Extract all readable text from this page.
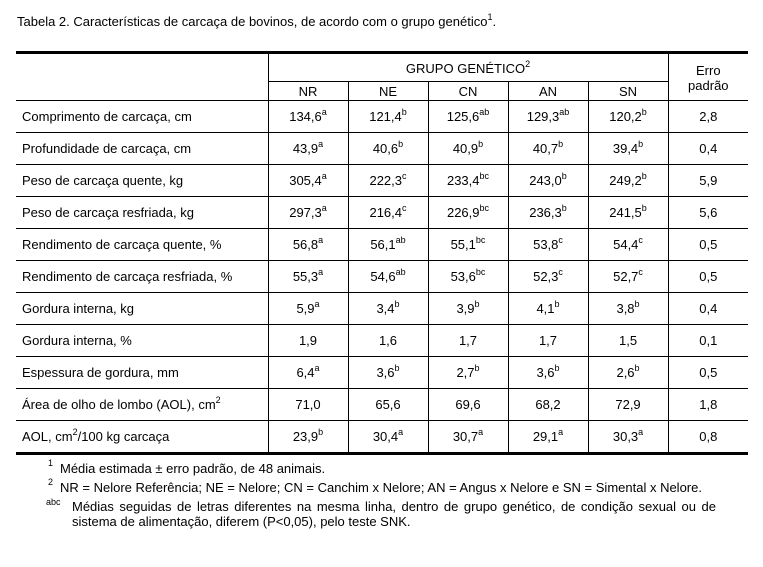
Tabela 2. Características de carcaça de bovinos, de acordo com o grupo genético$^1$.
	GRUPO GENÉTICO$^2$					Erro
padrão
	NR	NE	CN	AN	SN	
Comprimento de carcaça, cm	134,6$^a$	121,4$^b$	125,6$^{ab}$	129,3$^{ab}$	120,2$^b$	2,8
Profundidade de carcaça, cm	43,9$^a$	40,6$^b$	40,9$^b$	40,7$^b$	39,4$^b$	0,4
Peso de carcaça quente, kg	305,4$^a$	222,3$^c$	233,4$^{bc}$	243,0$^b$	249,2$^b$	5,9
Peso de carcaça resfriada, kg	297,3$^a$	216,4$^c$	226,9$^{bc}$	236,3$^b$	241,5$^b$	5,6
Rendimento de carcaça quente, %	56,8$^a$	56,1$^{ab}$	55,1$^{bc}$	53,8$^c$	54,4$^c$	0,5
Rendimento de carcaça resfriada, %	55,3$^a$	54,6$^{ab}$	53,6$^{bc}$	52,3$^c$	52,7$^c$	0,5
Gordura interna, kg	5,9$^a$	3,4$^b$	3,9$^b$	4,1$^b$	3,8$^b$	0,4
Gordura interna, %	1,9	1,6	1,7	1,7	1,5	0,1
Espessura de gordura, mm	6,4$^a$	3,6$^b$	2,7$^b$	3,6$^b$	2,6$^b$	0,5
Área de olho de lombo (AOL), $cm^2$	71,0	65,6	69,6	68,2	72,9	1,8
AOL, $cm^2/100$ kg carcaça	23,9$^b$	30,4$^a$	30,7$^a$	29,1$^a$	30,3$^a$	0,8
1 Média estimada ± erro padrão, de 48 animais.
2 NR = Nelore Referência; NE = Nelore; CN = Canchim x Nelore; AN = Angus x Nelore e SN = Simental x Nelore.
abc Médias seguidas de letras diferentes na mesma linha, dentro de grupo genético, de condição sexual ou de sistema de alimentação, diferem (P<0,05), pelo teste SNK.
